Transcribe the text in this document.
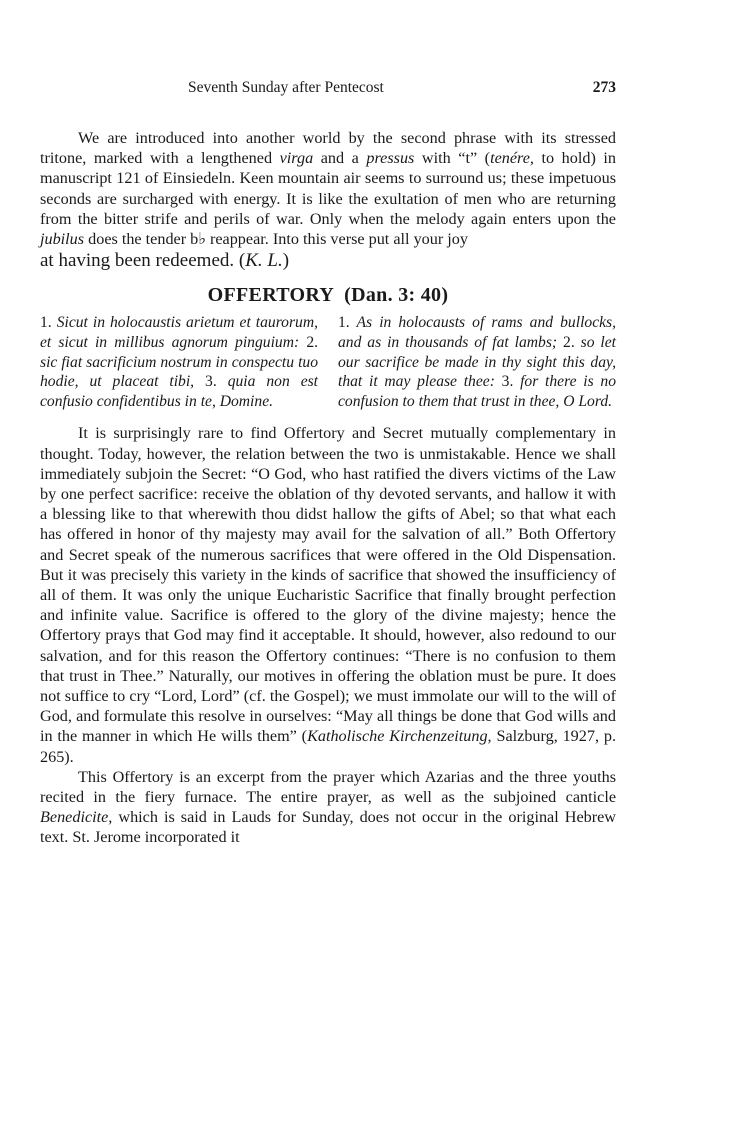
Seventh Sunday after Pentecost	273

We are introduced into another world by the second phrase with its stressed tritone, marked with a lengthened virga and a pressus with “t” (tenére, to hold) in manuscript 121 of Einsiedeln. Keen mountain air seems to surround us; these impetuous seconds are surcharged with energy. It is like the exultation of men who are returning from the bitter strife and perils of war. Only when the melody again enters upon the jubilus does the tender b♭ reappear. Into this verse put all your joy

at having been redeemed. (K. L.)

OFFERTORY (Dan. 3: 40)
1. Sicut in holocaustis arietum et taurorum, et sicut in millibus agnorum pinguium: 2. sic fiat sacrificium nostrum in conspectu tuo hodie, ut placeat tibi, 3. quia non est confusio confidentibus in te, Domine.
1. As in holocausts of rams and bullocks, and as in thousands of fat lambs; 2. so let our sacrifice be made in thy sight this day, that it may please thee: 3. for there is no confusion to them that trust in thee, O Lord.

It is surprisingly rare to find Offertory and Secret mutually complementary in thought. Today, however, the relation between the two is unmistakable. Hence we shall immediately subjoin the Secret: “O God, who hast ratified the divers victims of the Law by one perfect sacrifice: receive the oblation of thy devoted servants, and hallow it with a blessing like to that wherewith thou didst hallow the gifts of Abel; so that what each has offered in honor of thy majesty may avail for the salvation of all.” Both Offertory and Secret speak of the numerous sacrifices that were offered in the Old Dispensation. But it was precisely this variety in the kinds of sacrifice that showed the insufficiency of all of them. It was only the unique Eucharistic Sacrifice that finally brought perfection and infinite value. Sacrifice is offered to the glory of the divine majesty; hence the Offertory prays that God may find it acceptable. It should, however, also redound to our salvation, and for this reason the Offertory continues: “There is no confusion to them that trust in Thee.” Naturally, our motives in offering the oblation must be pure. It does not suffice to cry “Lord, Lord” (cf. the Gospel); we must immolate our will to the will of God, and formulate this resolve in ourselves: “May all things be done that God wills and in the manner in which He wills them” (Katholische Kirchenzeitung, Salzburg, 1927, p. 265).

This Offertory is an excerpt from the prayer which Azarias and the three youths recited in the fiery furnace. The entire prayer, as well as the subjoined canticle Benedicite, which is said in Lauds for Sunday, does not occur in the original Hebrew text. St. Jerome incorporated it
